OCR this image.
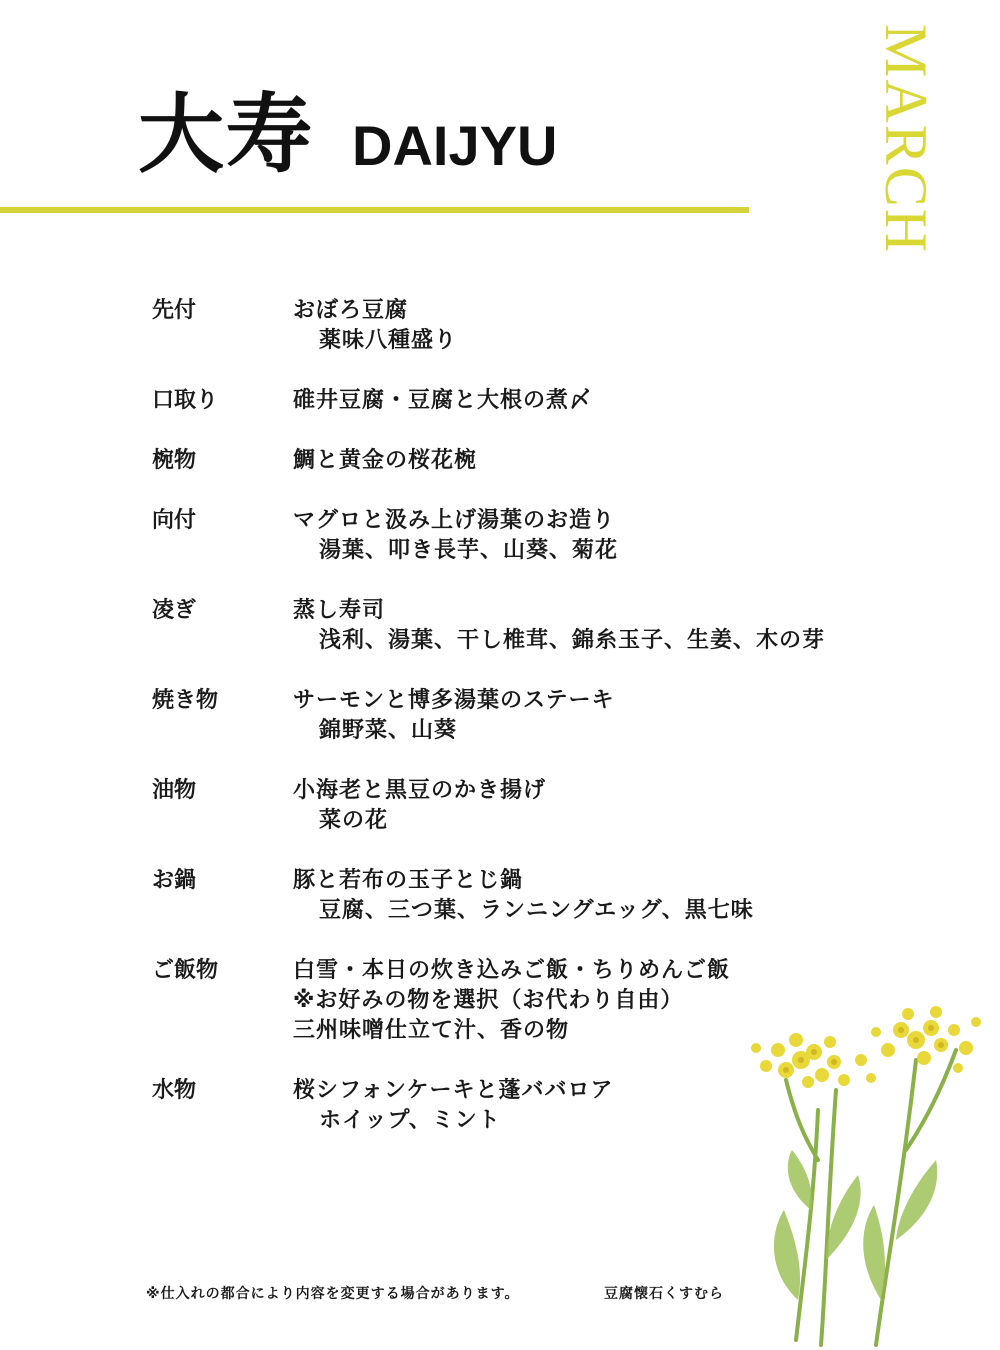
大寿 DAIJYU	MARCH
先付	おぼろ豆腐
薬味八種盛り
口取り	碓井豆腐・豆腐と大根の煮〆
椀物	鯛と黄金の桜花椀
向付	マグロと汲み上げ湯葉のお造り
湯葉、叩き長芋、山葵、菊花
凌ぎ	蒸し寿司
浅利、湯葉、干し椎茸、錦糸玉子、生姜、木の芽
焼き物	サーモンと博多湯葉のステーキ
錦野菜、山葵
油物	小海老と黒豆のかき揚げ
菜の花
お鍋	豚と若布の玉子とじ鍋
豆腐、三つ葉、ランニングエッグ、黒七味
ご飯物	白雪・本日の炊き込みご飯・ちりめんご飯
※お好みの物を選択（お代わり自由）
三州味噌仕立て汁、香の物
水物	桜シフォンケーキと蓬ババロア
ホイップ、ミント
※仕入れの都合により内容を変更する場合があります。	豆腐懐石くすむら
